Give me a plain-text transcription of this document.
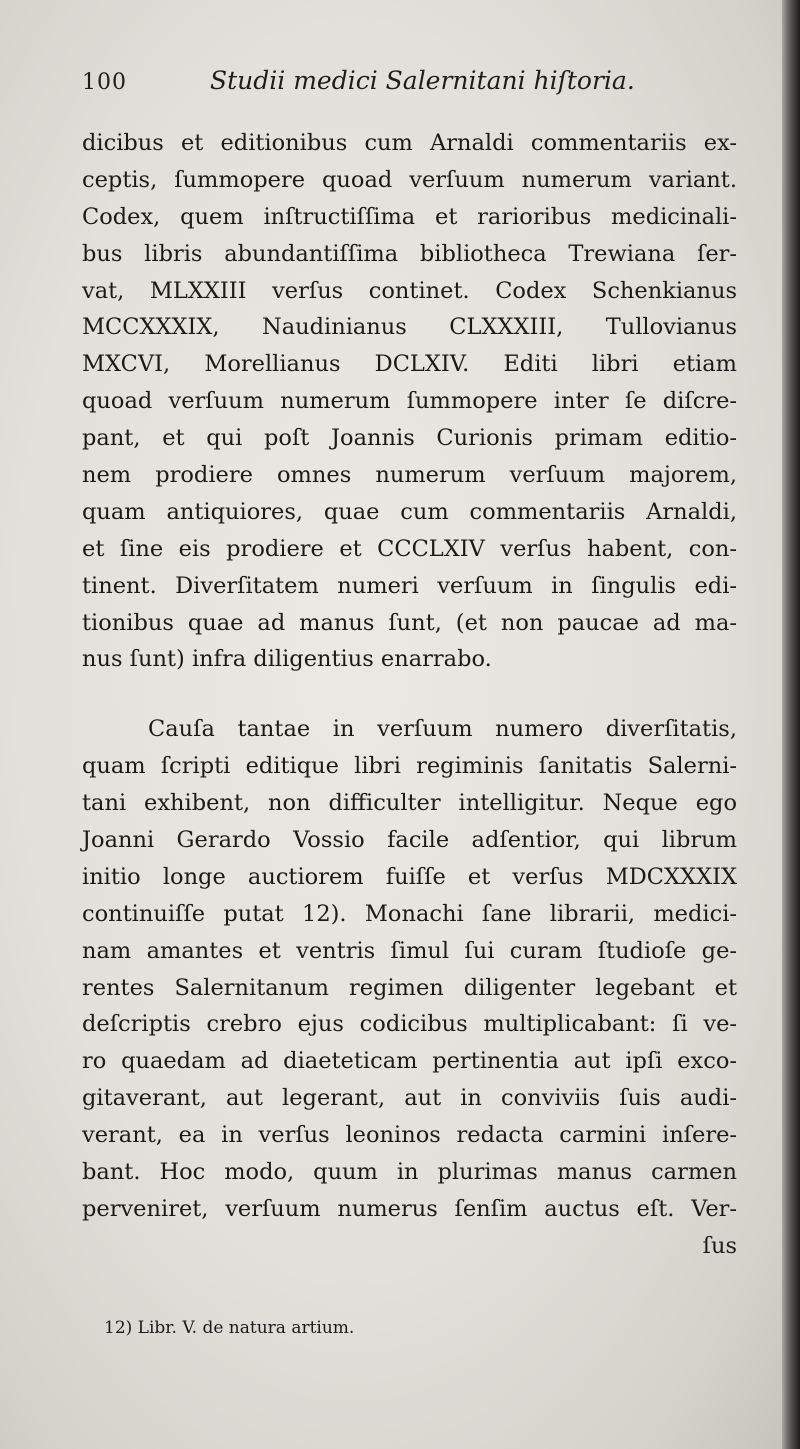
100	Studii medici Salernitani hiſtoria.
dicibus et editionibus cum Arnaldi commentariis ex-
ceptis, ſummopere quoad verſuum numerum variant.
Codex, quem inſtructiſſima et rarioribus medicinali-
bus libris abundantiſſima bibliotheca Trewiana ſer-
vat, MLXXIII verſus continet. Codex Schenkianus
MCCXXXIX, Naudinianus CLXXXIII, Tullovianus
MXCVI, Morellianus DCLXIV. Editi libri etiam
quoad verſuum numerum ſummopere inter ſe diſcre-
pant, et qui poſt Joannis Curionis primam editio-
nem prodiere omnes numerum verſuum majorem,
quam antiquiores, quae cum commentariis Arnaldi,
et ſine eis prodiere et CCCLXIV verſus habent, con-
tinent. Diverſitatem numeri verſuum in ſingulis edi-
tionibus quae ad manus ſunt, (et non paucae ad ma-
nus ſunt) infra diligentius enarrabo.
Cauſa tantae in verſuum numero diverſitatis,
quam ſcripti editique libri regiminis ſanitatis Salerni-
tani exhibent, non difficulter intelligitur. Neque ego
Joanni Gerardo Vossio facile adſentior, qui librum
initio longe auctiorem fuiſſe et verſus MDCXXXIX
continuiſſe putat 12). Monachi ſane librarii, medici-
nam amantes et ventris ſimul ſui curam ſtudioſe ge-
rentes Salernitanum regimen diligenter legebant et
deſcriptis crebro ejus codicibus multiplicabant: ſi ve-
ro quaedam ad diaeteticam pertinentia aut ipſi exco-
gitaverant, aut legerant, aut in conviviis ſuis audi-
verant, ea in verſus leoninos redacta carmini inſere-
bant. Hoc modo, quum in plurimas manus carmen
perveniret, verſuum numerus ſenſim auctus eſt. Ver-
ſus
12) Libr. V. de natura artium.
